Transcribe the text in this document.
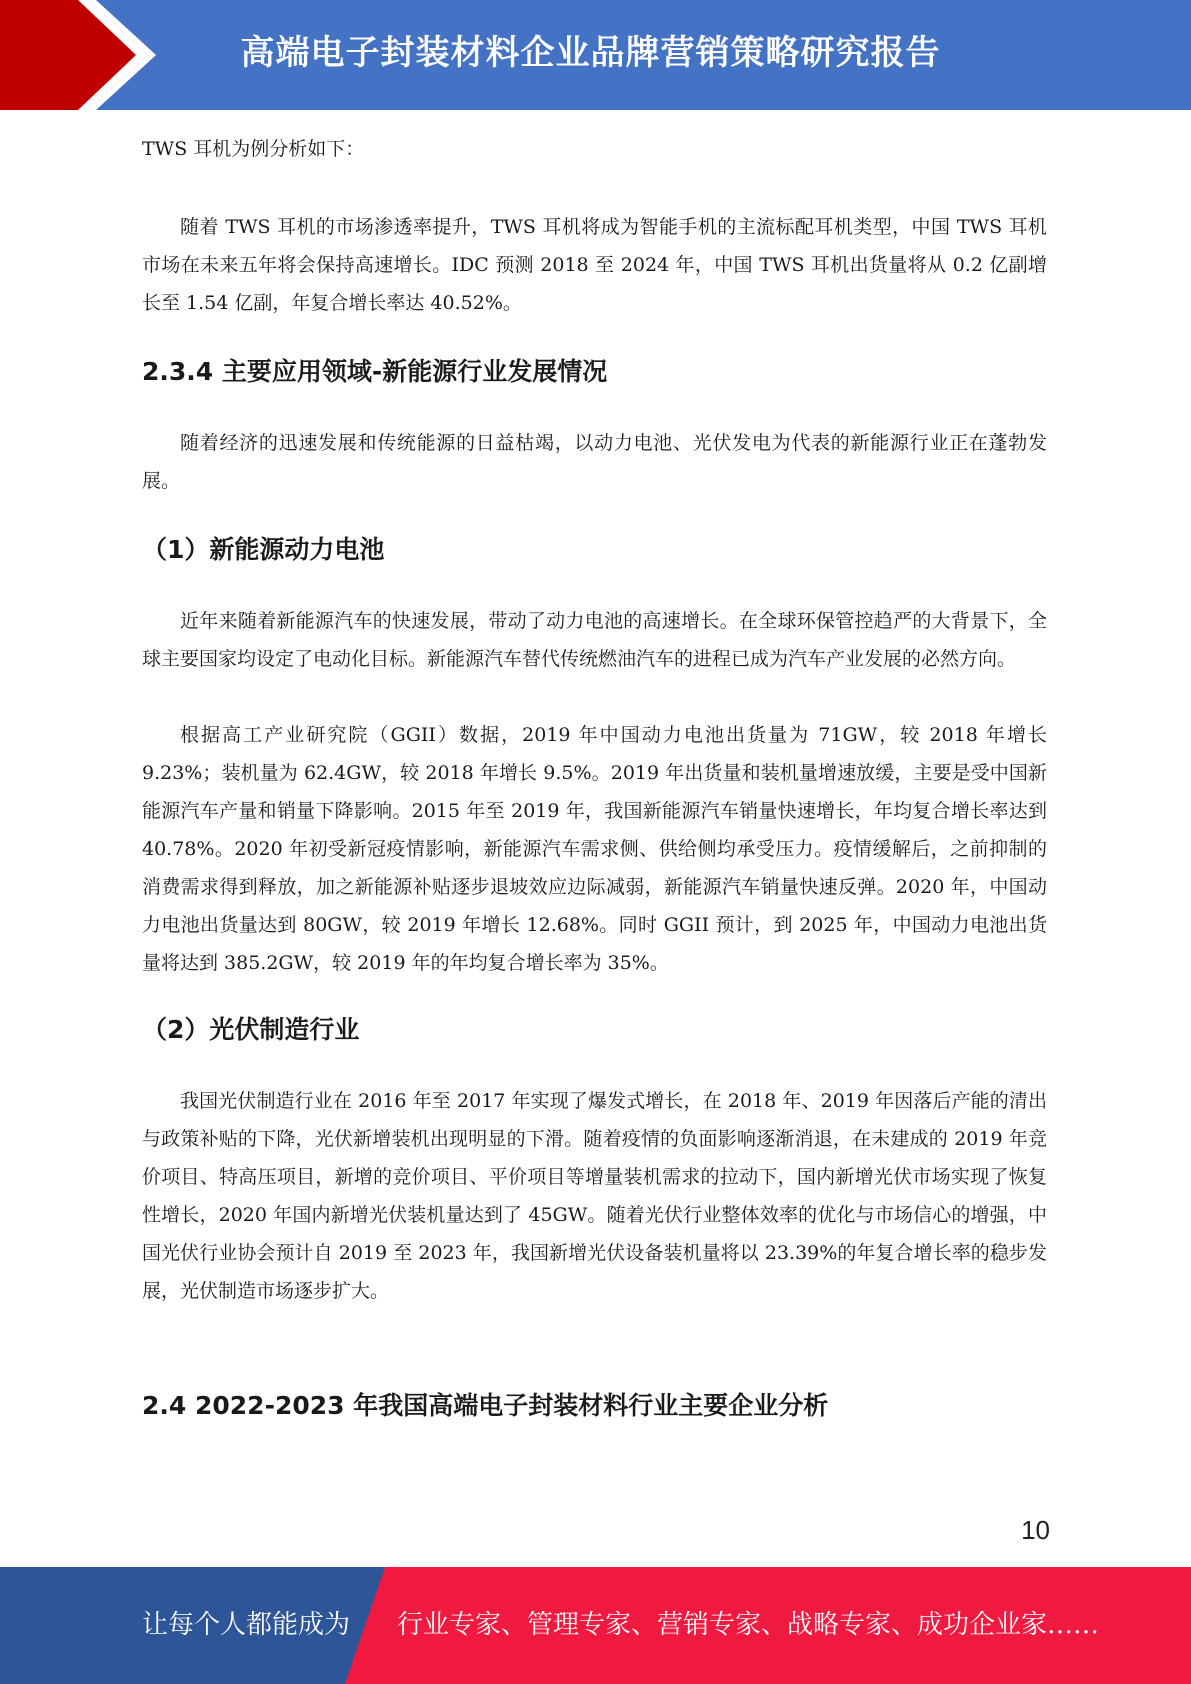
高端电子封装材料企业品牌营销策略研究报告

TWS 耳机为例分析如下：

随着 TWS 耳机的市场渗透率提升，TWS 耳机将成为智能手机的主流标配耳机类型，中国 TWS 耳机市场在未来五年将会保持高速增长。IDC 预测 2018 至 2024 年，中国 TWS 耳机出货量将从 0.2 亿副增长至 1.54 亿副，年复合增长率达 40.52%。

2.3.4 主要应用领域-新能源行业发展情况

随着经济的迅速发展和传统能源的日益枯竭，以动力电池、光伏发电为代表的新能源行业正在蓬勃发展。

（1）新能源动力电池

近年来随着新能源汽车的快速发展，带动了动力电池的高速增长。在全球环保管控趋严的大背景下，全球主要国家均设定了电动化目标。新能源汽车替代传统燃油汽车的进程已成为汽车产业发展的必然方向。

根据高工产业研究院（GGII）数据，2019 年中国动力电池出货量为 71GW，较 2018 年增长 9.23%；装机量为 62.4GW，较 2018 年增长 9.5%。2019 年出货量和装机量增速放缓，主要是受中国新能源汽车产量和销量下降影响。2015 年至 2019 年，我国新能源汽车销量快速增长，年均复合增长率达到 40.78%。2020 年初受新冠疫情影响，新能源汽车需求侧、供给侧均承受压力。疫情缓解后，之前抑制的消费需求得到释放，加之新能源补贴逐步退坡效应边际减弱，新能源汽车销量快速反弹。2020 年，中国动力电池出货量达到 80GW，较 2019 年增长 12.68%。同时 GGII 预计，到 2025 年，中国动力电池出货量将达到 385.2GW，较 2019 年的年均复合增长率为 35%。

（2）光伏制造行业

我国光伏制造行业在 2016 年至 2017 年实现了爆发式增长，在 2018 年、2019 年因落后产能的清出与政策补贴的下降，光伏新增装机出现明显的下滑。随着疫情的负面影响逐渐消退，在未建成的 2019 年竞价项目、特高压项目，新增的竞价项目、平价项目等增量装机需求的拉动下，国内新增光伏市场实现了恢复性增长，2020 年国内新增光伏装机量达到了 45GW。随着光伏行业整体效率的优化与市场信心的增强，中国光伏行业协会预计自 2019 至 2023 年，我国新增光伏设备装机量将以 23.39%的年复合增长率的稳步发展，光伏制造市场逐步扩大。

2.4 2022-2023 年我国高端电子封装材料行业主要企业分析
10
让每个人都能成为 行业专家、管理专家、营销专家、战略专家、成功企业家……
